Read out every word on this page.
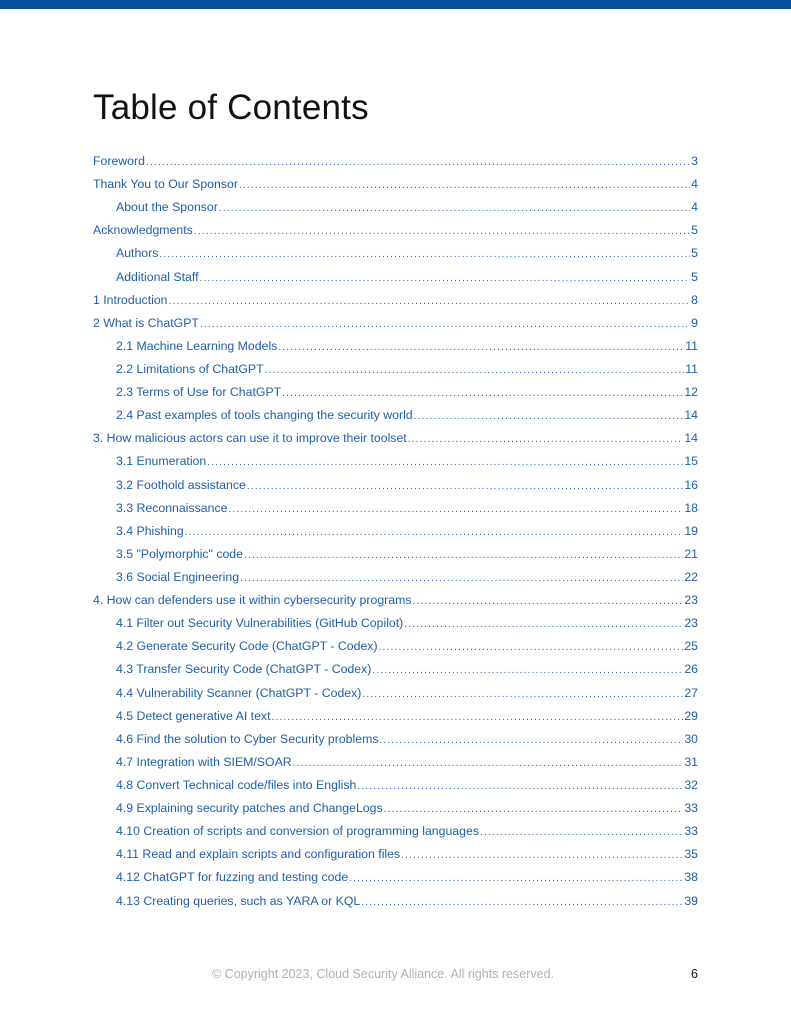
Table of Contents
Foreword .....	3
Thank You to Our Sponsor .....	4
About the Sponsor .....	4
Acknowledgments .....	5
Authors .....	5
Additional Staff .....	5
1 Introduction .....	8
2 What is ChatGPT .....	9
2.1 Machine Learning Models .....	11
2.2 Limitations of ChatGPT .....	11
2.3 Terms of Use for ChatGPT .....	12
2.4 Past examples of tools changing the security world .....	14
3. How malicious actors can use it to improve their toolset .....	14
3.1 Enumeration .....	15
3.2 Foothold assistance .....	16
3.3 Reconnaissance .....	18
3.4 Phishing .....	19
3.5 "Polymorphic" code .....	21
3.6 Social Engineering .....	22
4. How can defenders use it within cybersecurity programs .....	23
4.1 Filter out Security Vulnerabilities (GitHub Copilot) .....	23
4.2 Generate Security Code (ChatGPT - Codex) .....	25
4.3 Transfer Security Code (ChatGPT - Codex) .....	26
4.4 Vulnerability Scanner (ChatGPT - Codex) .....	27
4.5 Detect generative AI text .....	29
4.6 Find the solution to Cyber Security problems .....	30
4.7 Integration with SIEM/SOAR .....	31
4.8 Convert Technical code/files into English .....	32
4.9 Explaining security patches and ChangeLogs .....	33
4.10 Creation of scripts and conversion of programming languages .....	33
4.11 Read and explain scripts and configuration files .....	35
4.12 ChatGPT for fuzzing and testing code .....	38
4.13 Creating queries, such as YARA or KQL .....	39
© Copyright 2023, Cloud Security Alliance. All rights reserved.	6
